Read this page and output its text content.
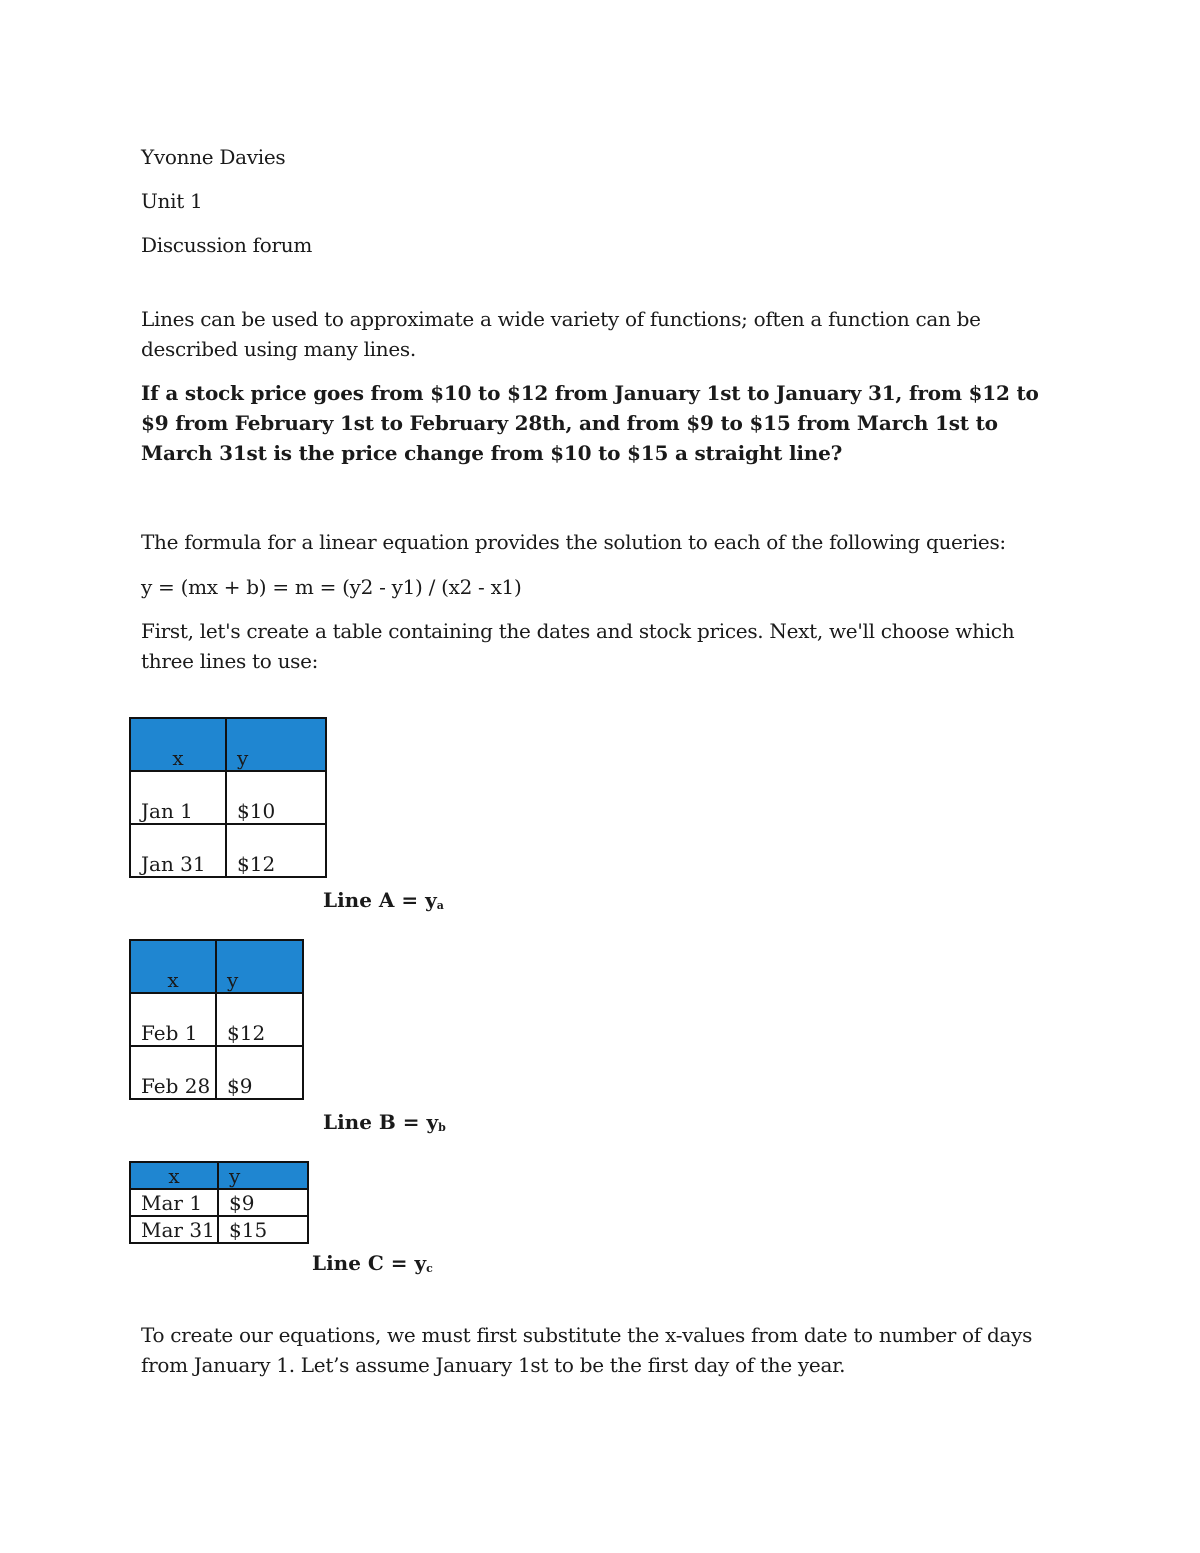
Yvonne Davies

Unit 1

Discussion forum

Lines can be used to approximate a wide variety of functions; often a function can be described using many lines.

If a stock price goes from $10 to $12 from January 1st to January 31, from $12 to $9 from February 1st to February 28th, and from $9 to $15 from March 1st to March 31st is the price change from $10 to $15 a straight line?

The formula for a linear equation provides the solution to each of the following queries:

y = (mx + b) = m = (y2 - y1) / (x2 - x1)

First, let's create a table containing the dates and stock prices. Next, we'll choose which three lines to use:

x	y
Jan 1	$10
Jan 31	$12
Line $A = y_a$
x	y
Feb 1	$12
Feb 28	$9
Line $B = y_b$
x	y
Mar 1	$9
Mar 31	$15
Line $C = y_c$

To create our equations, we must first substitute the x-values from date to number of days from January 1. Let’s assume January 1st to be the first day of the year.
